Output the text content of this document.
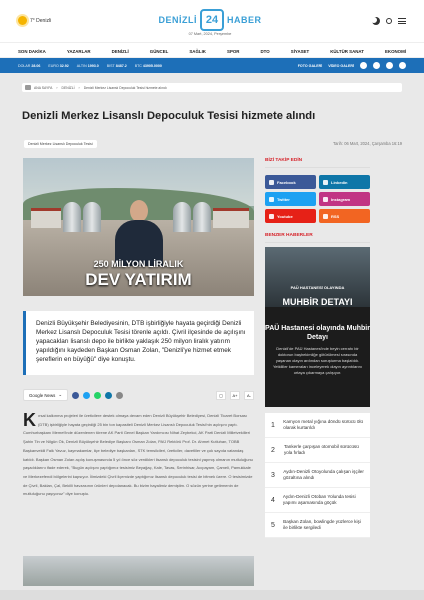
7° Denizli	DENİZLİ 24 HABER
07 Mart, 2024, Perşembe
SON DAKİKA	YAZARLAR	DENİZLİ	GÜNCEL	SAĞLIK	SPOR	DTO	SİYASET	KÜLTÜR SANAT	EKONOMİ
DOLAR 28.06 EURO 32.92 ALTIN 1993.0 BIST 8487.2 BTC 43905.0000	FOTO GALERİ VİDEO GALERİ
ANA SAYFA › DENİZLİ › Denizli Merkez Lisanslı Depoculuk Tesisi hizmete alındı
Denizli Merkez Lisanslı Depoculuk Tesisi hizmete alındı
Denizli Merkez Lisanslı Depoculuk Tesisi	Tarih: 06 Mart, 2024, Çarşamba 16:19
250 MİLYON LİRALIK
DEV YATIRIM
Denizli Büyükşehir Belediyesinin, DTB işbirliğiyle hayata geçirdiği Denizli Merkez Lisanslı Depoculuk Tesisi törenle açıldı. Çivril ilçesinde de açılışını yapacakları lisanslı depo ile birlikte yaklaşık 250 milyon liralık yatırım yapıldığını kaydeden Başkan Osman Zolan, "Denizli'ye hizmet etmek şereflerin en büyüğü" diye konuştu.
Google News ⌄	▢	A+	A-
Kırsal kalkınma projeleri ile üreticilere destek olmaya devam eden Denizli Büyükşehir Belediyesi, Denizli Ticaret Borsası (DTB) işbirliğiyle hayata geçirdiği 25 bin ton kapasiteli Denizli Merkez Lisanslı Depoculuk Tesisi'nin açılışını yaptı. Cumhurbaşkanı Memet'inde düzenlenen törene AK Parti Genel Başkan Yardımcısı Nihat Zeybekci, AK Parti Denizli Milletvekilleri Şahin Tin ve Nilgün Ök, Denizli Büyükşehir Belediye Başkanı Osman Zolan, PAÜ Rektörü Prof. Dr. Ahmet Kutluhan, TOBB Başkanvekili Faik Yavuz, kaymakamlar, ilçe belediye başkanları, STK temsilcileri, üreticiler, davetliler ve çok sayıda vatandaş katıldı. Başkan Osman Zolan açılış konuşmasında 5 yıl önce söz verdikleri lisanslı depoculuk tesisini yapmış olmanın mutluluğunu yaşadıklarını ifade ederek, "Bugün açılışını yaptığımız tesisimiz Beyağaç, Kale, Tavas, Serinhisar, Acıpayam, Çameli, Pamukkale ve Merkezefendi bölgelerini kapsıyor. İlimizdeki Çivril ilçemizde yaptığımız lisanslı depoculuk tesisi de bitmek üzere. O tesisimizde de Çivril, Baklan, Çal, Bekilli havzasının ürünleri depolanacak. Bu bizim hayalimiz demiştim. O sözün yerine getirmenin de mutluluğunu yaşıyoruz" diye konuştu.
BİZİ TAKİP EDİN
Facebook	Linkedin
Twitter	Instagram
Youtube	RSS
BENZER HABERLER
PAÜ HASTANESİ OLAYINDA
MUHBİR DETAYI
PAÜ Hastanesi olayında Muhbir Detayı
Denizli'de PAÜ Hastanesi'nde beyin cerrahı bir doktorun başhekimliğe götürülmesi sırasında yaşanan olayın ardından soruşturma başlatıldı. Yetkililer kameraları inceleyerek olayın ayrıntılarını ortaya çıkarmaya çalışıyor.
1
Kamyon metal yığına döndü sürücü ölü olarak kurtarıldı
2
Tankerle çarpışan otomobil sürücüsü yola fırladı
3
Aydın-Denizli Otoyolunda çalışan işçiler gözaltına alındı
4
Aydın-Denizli Otoban Yolunda tesisi yapımı aşamasında göçük
5
Başkan Zolan, bowlingde yüzlerce kişi ile birlikte sergiledi
